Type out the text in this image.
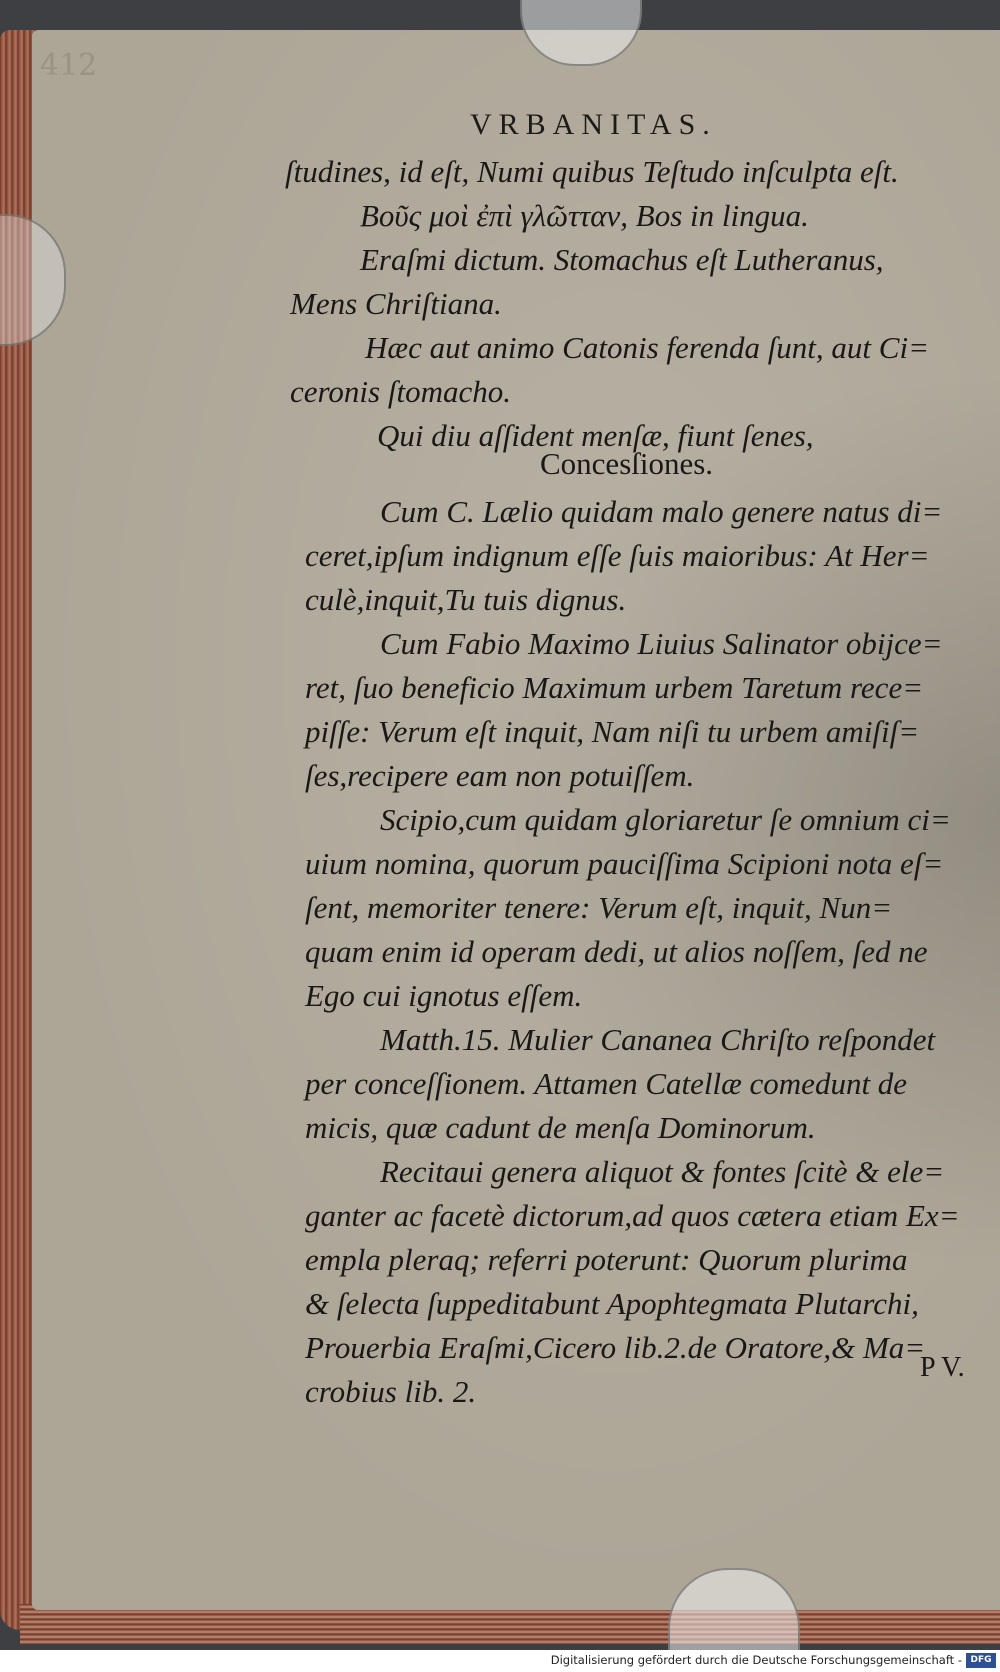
412
VRBANITAS.
ſtudines, id eſt, Numi quibus Teſtudo inſculpta eſt.
Βοῦς μοὶ ἐπὶ γλῶτταν, Bos in lingua.
Eraſmi dictum. Stomachus eſt Lutheranus,
Mens Chriſtiana.
Hæc aut animo Catonis ferenda ſunt, aut Ci=
ceronis ſtomacho.
Qui diu aſſident menſæ, fiunt ſenes,
Concesſiones.
Cum C. Lælio quidam malo genere natus di=
ceret,ipſum indignum eſſe ſuis maioribus: At Her=
culè,inquit,Tu tuis dignus.
Cum Fabio Maximo Liuius Salinator obijce=
ret, ſuo beneficio Maximum urbem Taretum rece=
piſſe: Verum eſt inquit, Nam niſi tu urbem amiſiſ=
ſes,recipere eam non potuiſſem.
Scipio,cum quidam gloriaretur ſe omnium ci=
uium nomina, quorum pauciſſima Scipioni nota eſ=
ſent, memoriter tenere: Verum eſt, inquit, Nun=
quam enim id operam dedi, ut alios noſſem, ſed ne
Ego cui ignotus eſſem.
Matth.15. Mulier Cananea Chriſto reſpondet
per conceſſionem. Attamen Catellæ comedunt de
micis, quæ cadunt de menſa Dominorum.
Recitaui genera aliquot & fontes ſcitè & ele=
ganter ac facetè dictorum,ad quos cætera etiam Ex=
empla pleraq; referri poterunt: Quorum plurima
& ſelecta ſuppeditabunt Apophtegmata Plutarchi,
Prouerbia Eraſmi,Cicero lib.2.de Oratore,& Ma=
crobius lib. 2.
P V.
Digitalisierung gefördert durch die Deutsche Forschungsgemeinschaft - DFG
